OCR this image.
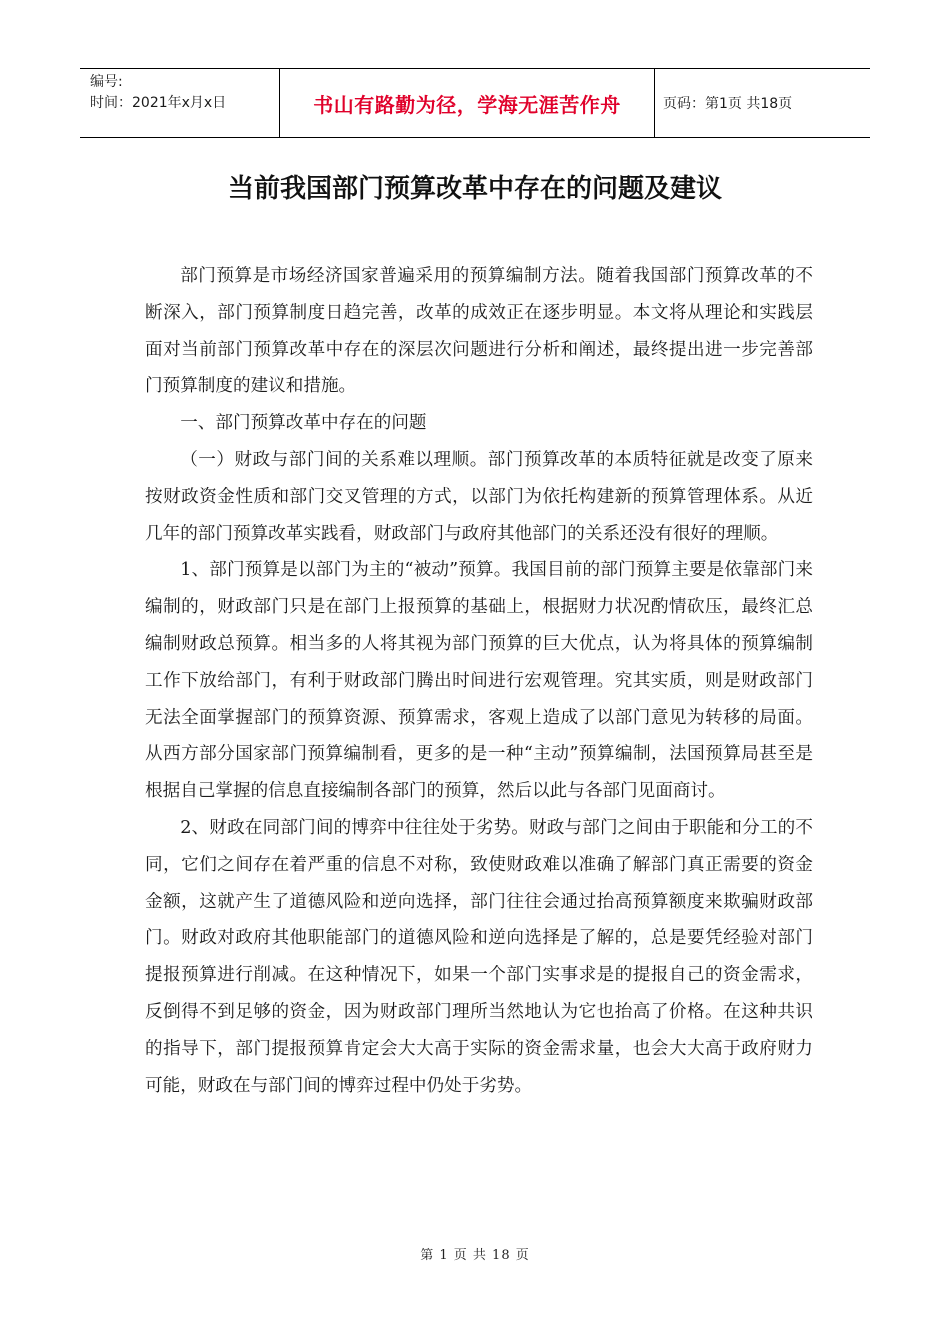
编号:
时间：2021年x月x日	书山有路勤为径，学海无涯苦作舟	页码：第1页 共18页
当前我国部门预算改革中存在的问题及建议

部门预算是市场经济国家普遍采用的预算编制方法。随着我国部门预算改革的不断深入，部门预算制度日趋完善，改革的成效正在逐步明显。本文将从理论和实践层面对当前部门预算改革中存在的深层次问题进行分析和阐述，最终提出进一步完善部门预算制度的建议和措施。

一、部门预算改革中存在的问题

（一）财政与部门间的关系难以理顺。部门预算改革的本质特征就是改变了原来按财政资金性质和部门交叉管理的方式，以部门为依托构建新的预算管理体系。从近几年的部门预算改革实践看，财政部门与政府其他部门的关系还没有很好的理顺。

1、部门预算是以部门为主的“被动”预算。我国目前的部门预算主要是依靠部门来编制的，财政部门只是在部门上报预算的基础上，根据财力状况酌情砍压，最终汇总编制财政总预算。相当多的人将其视为部门预算的巨大优点，认为将具体的预算编制工作下放给部门，有利于财政部门腾出时间进行宏观管理。究其实质，则是财政部门无法全面掌握部门的预算资源、预算需求，客观上造成了以部门意见为转移的局面。从西方部分国家部门预算编制看，更多的是一种“主动”预算编制，法国预算局甚至是根据自己掌握的信息直接编制各部门的预算，然后以此与各部门见面商讨。

2、财政在同部门间的博弈中往往处于劣势。财政与部门之间由于职能和分工的不同，它们之间存在着严重的信息不对称，致使财政难以准确了解部门真正需要的资金金额，这就产生了道德风险和逆向选择，部门往往会通过抬高预算额度来欺骗财政部门。财政对政府其他职能部门的道德风险和逆向选择是了解的，总是要凭经验对部门提报预算进行削减。在这种情况下，如果一个部门实事求是的提报自己的资金需求，反倒得不到足够的资金，因为财政部门理所当然地认为它也抬高了价格。在这种共识的指导下，部门提报预算肯定会大大高于实际的资金需求量，也会大大高于政府财力可能，财政在与部门间的博弈过程中仍处于劣势。

第 1 页 共 18 页
